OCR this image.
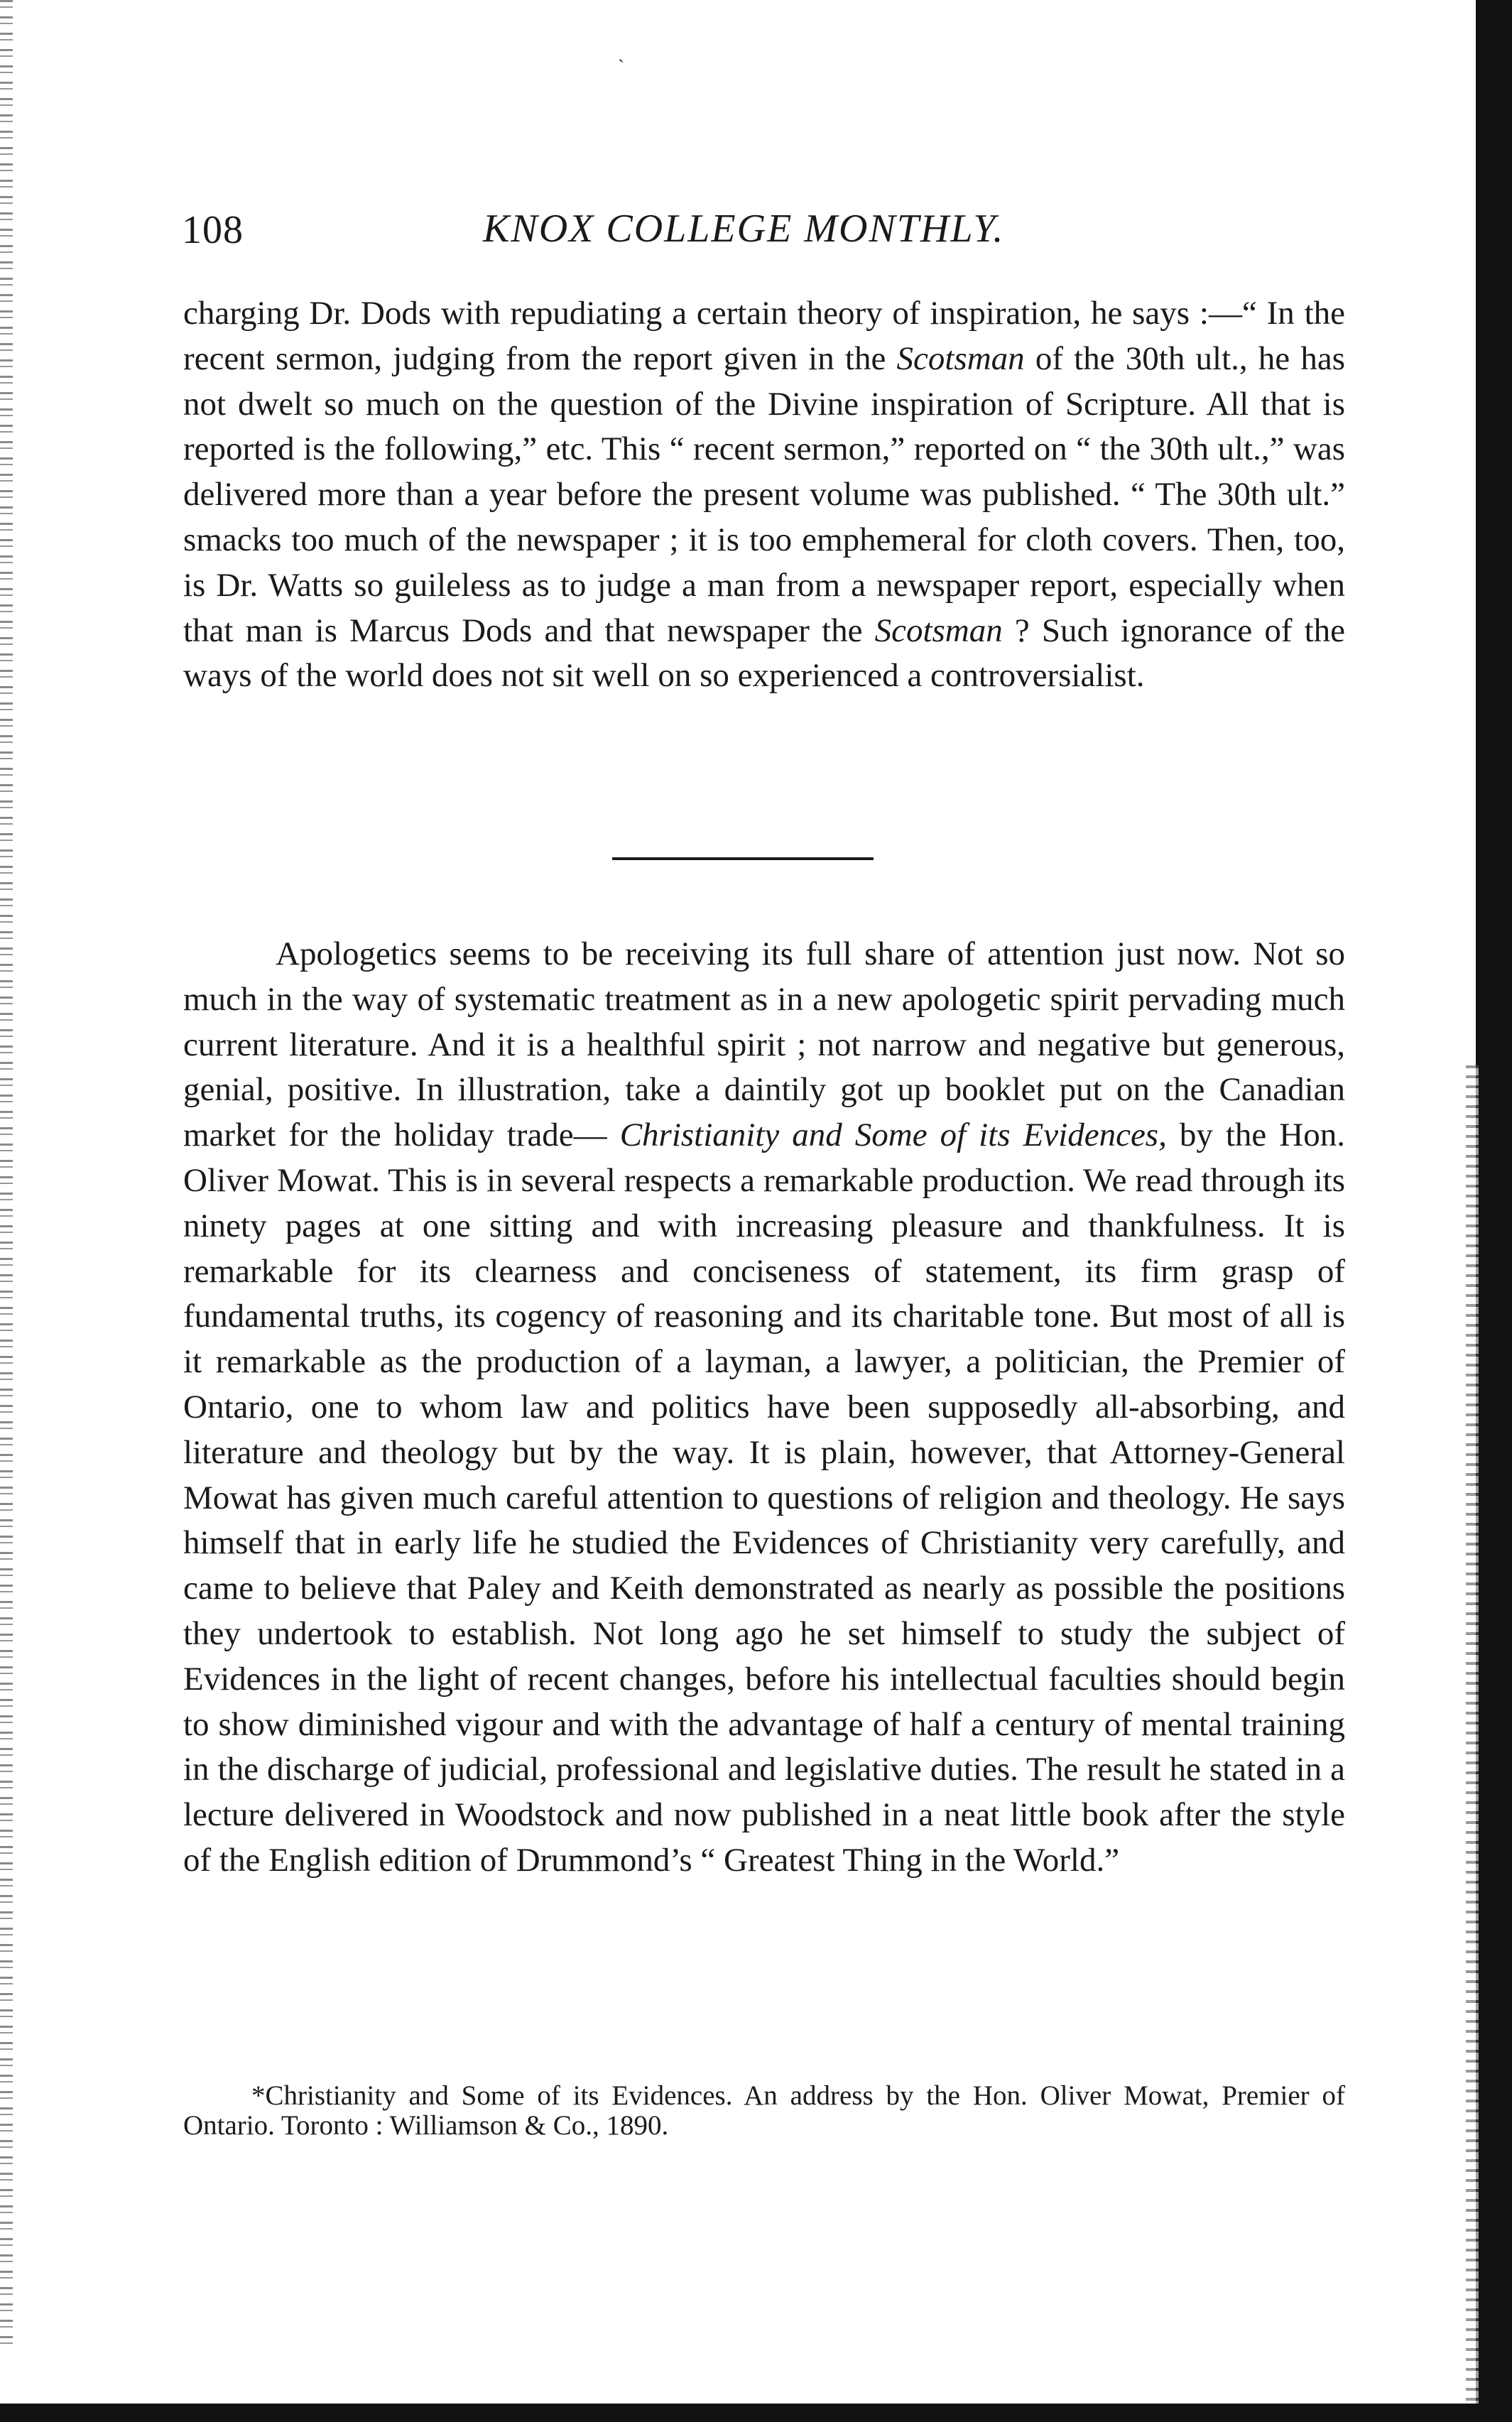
ˎ
108	KNOX COLLEGE MONTHLY.

charging Dr. Dods with repudiating a certain theory of inspiration, he says :—“ In the recent sermon, judging from the report given in the Scotsman of the 30th ult., he has not dwelt so much on the question of the Divine inspiration of Scripture. All that is reported is the following,” etc. This “ recent sermon,” reported on “ the 30th ult.,” was delivered more than a year before the present volume was published. “ The 30th ult.” smacks too much of the newspaper ; it is too emphemeral for cloth covers. Then, too, is Dr. Watts so guileless as to judge a man from a newspaper report, especially when that man is Marcus Dods and that newspaper the Scotsman ? Such ignorance of the ways of the world does not sit well on so experienced a controversialist.

Apologetics seems to be receiving its full share of attention just now. Not so much in the way of systematic treatment as in a new apologetic spirit pervading much current literature. And it is a healthful spirit ; not narrow and negative but generous, genial, positive. In illustration, take a daintily got up booklet put on the Canadian market for the holiday trade— Christianity and Some of its Evidences, by the Hon. Oliver Mowat. This is in several respects a remarkable production. We read through its ninety pages at one sitting and with increasing pleasure and thankfulness. It is remarkable for its clearness and conciseness of statement, its firm grasp of fundamental truths, its cogency of reasoning and its charitable tone. But most of all is it remarkable as the production of a layman, a lawyer, a politician, the Premier of Ontario, one to whom law and politics have been supposedly all-absorbing, and literature and theology but by the way. It is plain, however, that Attorney-General Mowat has given much careful attention to questions of religion and theology. He says himself that in early life he studied the Evidences of Christianity very carefully, and came to believe that Paley and Keith demonstrated as nearly as possible the positions they undertook to establish. Not long ago he set himself to study the subject of Evidences in the light of recent changes, before his intellectual faculties should begin to show diminished vigour and with the advantage of half a century of mental training in the discharge of judicial, professional and legislative duties. The result he stated in a lecture delivered in Woodstock and now published in a neat little book after the style of the English edition of Drummond’s “ Greatest Thing in the World.”

*Christianity and Some of its Evidences. An address by the Hon. Oliver Mowat, Premier of Ontario. Toronto : Williamson & Co., 1890.
